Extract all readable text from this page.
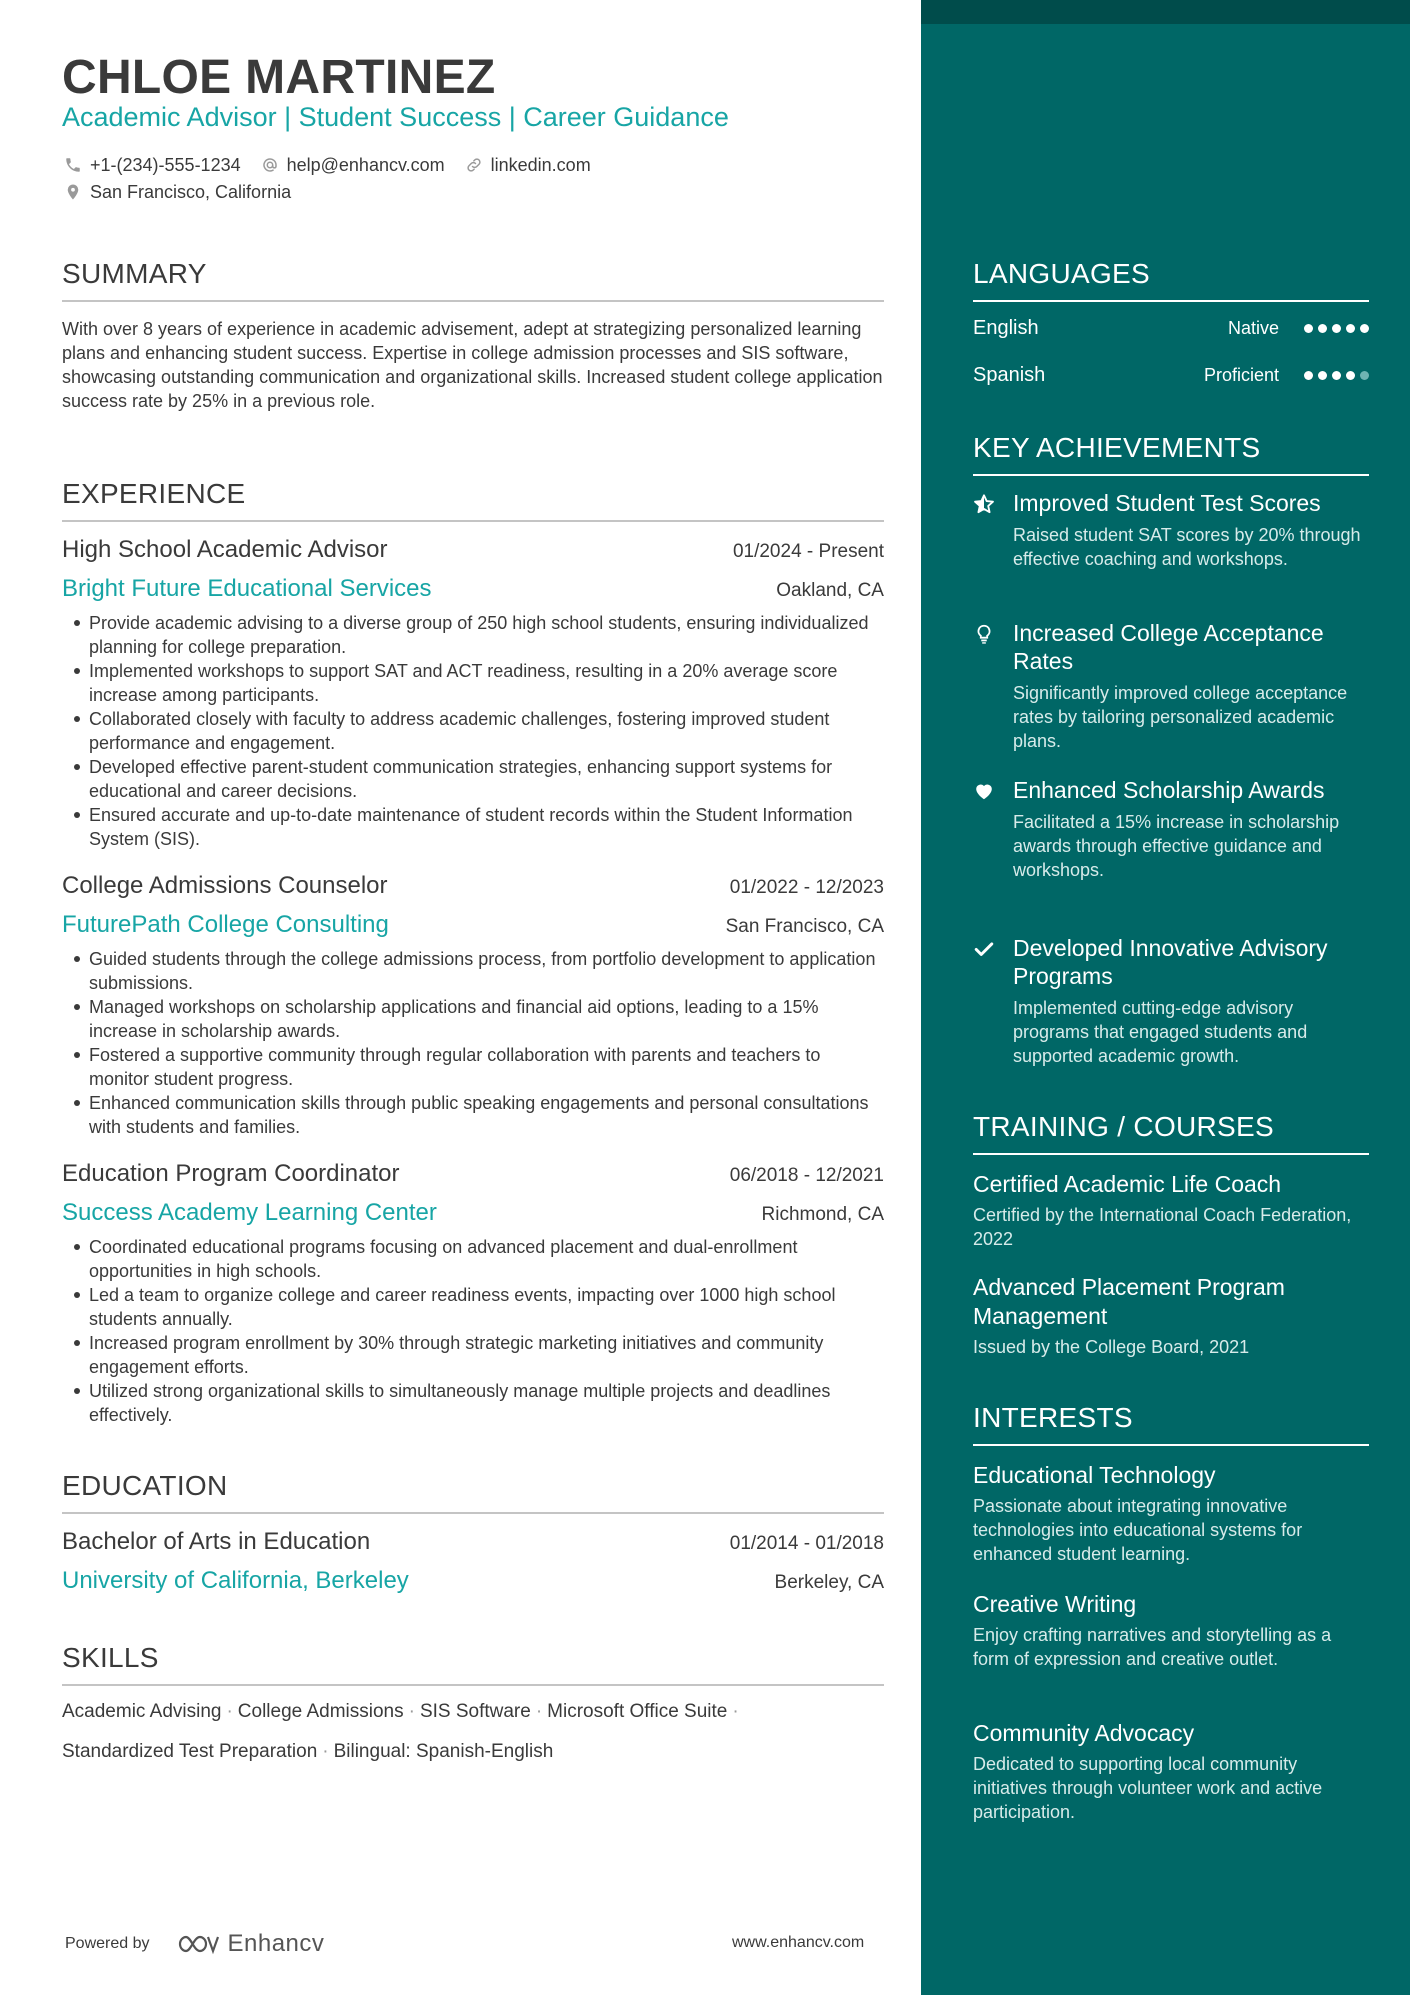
CHLOE MARTINEZ
Academic Advisor | Student Success | Career Guidance
+1-(234)-555-1234	help@enhancv.com	linkedin.com
San Francisco, California
SUMMARY
With over 8 years of experience in academic advisement, adept at strategizing personalized learning plans and enhancing student success. Expertise in college admission processes and SIS software, showcasing outstanding communication and organizational skills. Increased student college application success rate by 25% in a previous role.
EXPERIENCE
High School Academic Advisor	01/2024 - Present
Bright Future Educational Services	Oakland, CA
Provide academic advising to a diverse group of 250 high school students, ensuring individualized planning for college preparation.
Implemented workshops to support SAT and ACT readiness, resulting in a 20% average score increase among participants.
Collaborated closely with faculty to address academic challenges, fostering improved student performance and engagement.
Developed effective parent-student communication strategies, enhancing support systems for educational and career decisions.
Ensured accurate and up-to-date maintenance of student records within the Student Information System (SIS).
College Admissions Counselor	01/2022 - 12/2023
FuturePath College Consulting	San Francisco, CA
Guided students through the college admissions process, from portfolio development to application submissions.
Managed workshops on scholarship applications and financial aid options, leading to a 15% increase in scholarship awards.
Fostered a supportive community through regular collaboration with parents and teachers to monitor student progress.
Enhanced communication skills through public speaking engagements and personal consultations with students and families.
Education Program Coordinator	06/2018 - 12/2021
Success Academy Learning Center	Richmond, CA
Coordinated educational programs focusing on advanced placement and dual-enrollment opportunities in high schools.
Led a team to organize college and career readiness events, impacting over 1000 high school students annually.
Increased program enrollment by 30% through strategic marketing initiatives and community engagement efforts.
Utilized strong organizational skills to simultaneously manage multiple projects and deadlines effectively.
EDUCATION
Bachelor of Arts in Education	01/2014 - 01/2018
University of California, Berkeley	Berkeley, CA
SKILLS
Academic Advising · College Admissions · SIS Software · Microsoft Office Suite ·
Standardized Test Preparation · Bilingual: Spanish-English
Powered by	Enhancv	www.enhancv.com
LANGUAGES
English	Native
Spanish	Proficient
KEY ACHIEVEMENTS
Improved Student Test Scores
Raised student SAT scores by 20% through effective coaching and workshops.
Increased College Acceptance Rates
Significantly improved college acceptance rates by tailoring personalized academic plans.
Enhanced Scholarship Awards
Facilitated a 15% increase in scholarship awards through effective guidance and workshops.
Developed Innovative Advisory Programs
Implemented cutting-edge advisory programs that engaged students and supported academic growth.
TRAINING / COURSES
Certified Academic Life Coach
Certified by the International Coach Federation, 2022
Advanced Placement Program Management
Issued by the College Board, 2021
INTERESTS
Educational Technology
Passionate about integrating innovative technologies into educational systems for enhanced student learning.
Creative Writing
Enjoy crafting narratives and storytelling as a form of expression and creative outlet.
Community Advocacy
Dedicated to supporting local community initiatives through volunteer work and active participation.
